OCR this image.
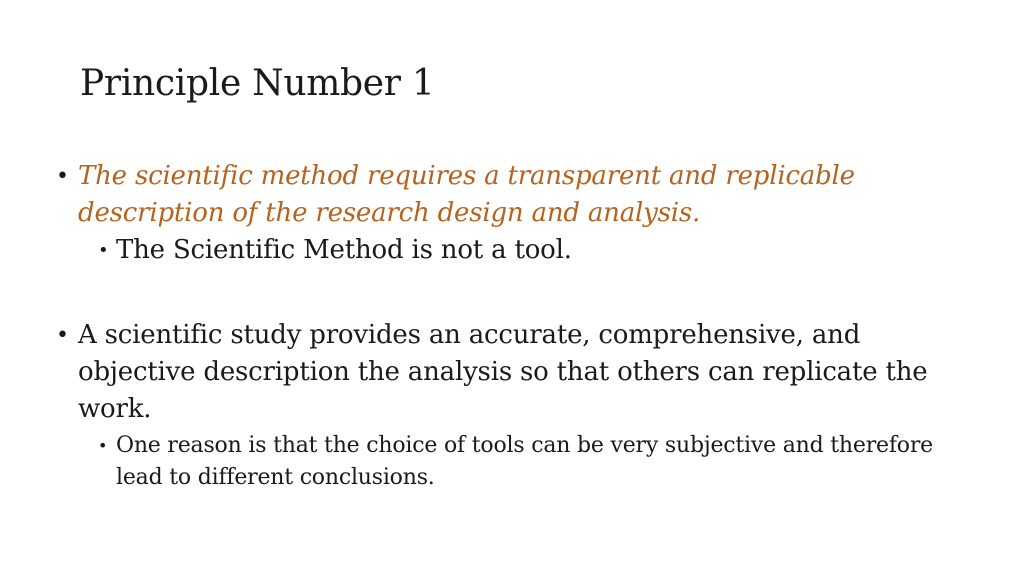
Principle Number 1
• The scientific method requires a transparent and replicable description of the research design and analysis.
• The Scientific Method is not a tool.
• A scientific study provides an accurate, comprehensive, and objective description the analysis so that others can replicate the work.
• One reason is that the choice of tools can be very subjective and therefore lead to different conclusions.
